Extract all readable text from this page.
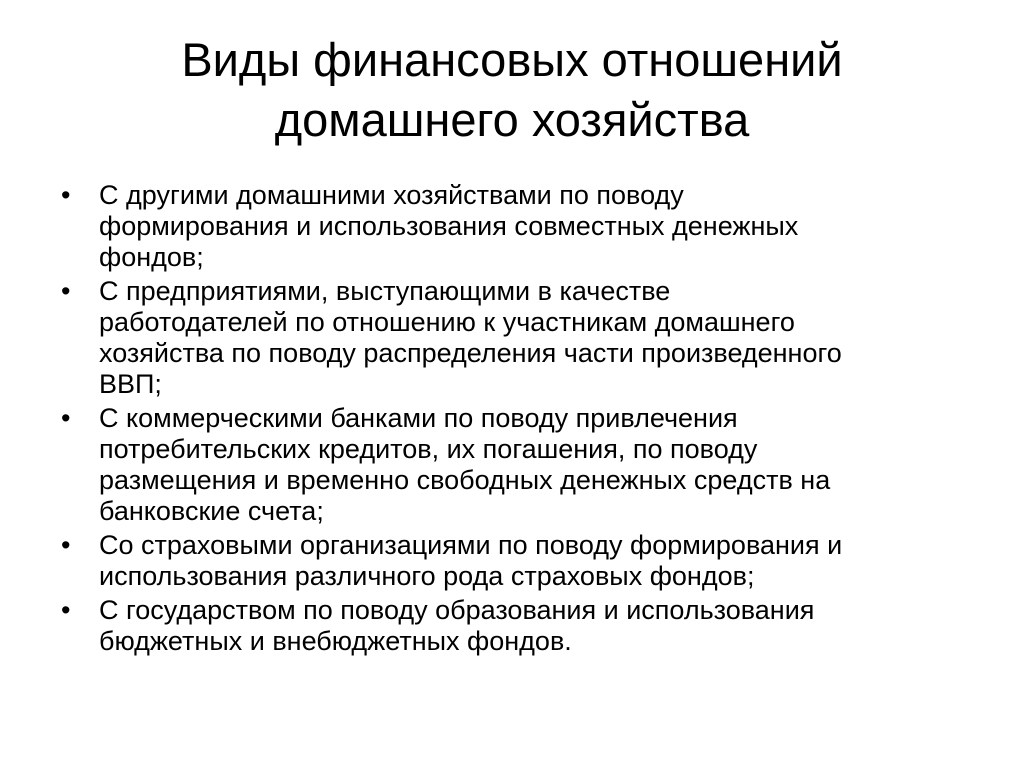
Виды финансовых отношений
домашнего хозяйства
• С другими домашними хозяйствами по поводу
формирования и использования совместных денежных
фондов;
• С предприятиями, выступающими в качестве
работодателей по отношению к участникам домашнего
хозяйства по поводу распределения части произведенного
ВВП;
• С коммерческими банками по поводу привлечения
потребительских кредитов, их погашения, по поводу
размещения и временно свободных денежных средств на
банковские счета;
• Со страховыми организациями по поводу формирования и
использования различного рода страховых фондов;
• С государством по поводу образования и использования
бюджетных и внебюджетных фондов.
